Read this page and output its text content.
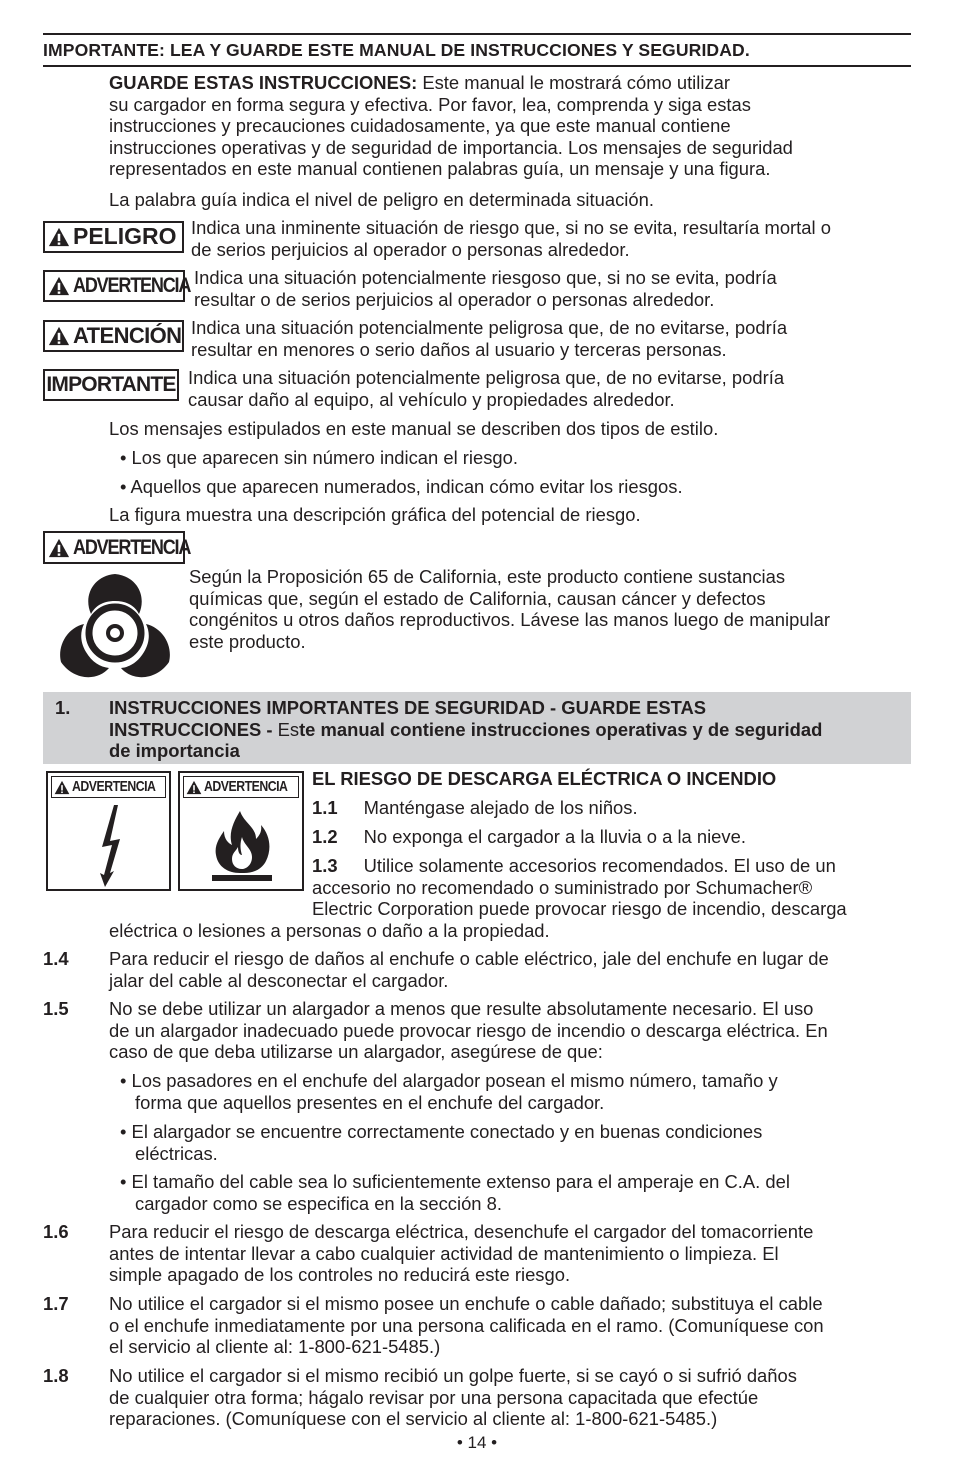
IMPORTANTE: LEA Y GUARDE ESTE MANUAL DE INSTRUCCIONES Y SEGURIDAD.
GUARDE ESTAS INSTRUCCIONES: Este manual le mostrará cómo utilizar
su cargador en forma segura y efectiva. Por favor, lea, comprenda y siga estas
instrucciones y precauciones cuidadosamente, ya que este manual contiene
instrucciones operativas y de seguridad de importancia. Los mensajes de seguridad
representados en este manual contienen palabras guía, un mensaje y una figura.
La palabra guía indica el nivel de peligro en determinada situación.
PELIGRO Indica una inminente situación de riesgo que, si no se evita, resultaría mortal o
de serios perjuicios al operador o personas alrededor.
ADVERTENCIA Indica una situación potencialmente riesgoso que, si no se evita, podría
resultar o de serios perjuicios al operador o personas alrededor.
ATENCIÓN Indica una situación potencialmente peligrosa que, de no evitarse, podría
resultar en menores o serio daños al usuario y terceras personas.
IMPORTANTE Indica una situación potencialmente peligrosa que, de no evitarse, podría
causar daño al equipo, al vehículo y propiedades alrededor.
Los mensajes estipulados en este manual se describen dos tipos de estilo.
• Los que aparecen sin número indican el riesgo.
• Aquellos que aparecen numerados, indican cómo evitar los riesgos.
La figura muestra una descripción gráfica del potencial de riesgo.
ADVERTENCIA
Según la Proposición 65 de California, este producto contiene sustancias
químicas que, según el estado de California, causan cáncer y defectos
congénitos u otros daños reproductivos. Lávese las manos luego de manipular
este producto.
1. INSTRUCCIONES IMPORTANTES DE SEGURIDAD - GUARDE ESTAS
INSTRUCCIONES - Este manual contiene instrucciones operativas y de seguridad
de importancia
ADVERTENCIA	ADVERTENCIA EL RIESGO DE DESCARGA ELÉCTRICA O INCENDIO
1.1 Manténgase alejado de los niños.
1.2 No exponga el cargador a la lluvia o a la nieve.
1.3 Utilice solamente accesorios recomendados. El uso de un
accesorio no recomendado o suministrado por Schumacher®
Electric Corporation puede provocar riesgo de incendio, descarga
eléctrica o lesiones a personas o daño a la propiedad.
1.4 Para reducir el riesgo de daños al enchufe o cable eléctrico, jale del enchufe en lugar de
jalar del cable al desconectar el cargador.
1.5 No se debe utilizar un alargador a menos que resulte absolutamente necesario. El uso
de un alargador inadecuado puede provocar riesgo de incendio o descarga eléctrica. En
caso de que deba utilizarse un alargador, asegúrese de que:
• Los pasadores en el enchufe del alargador posean el mismo número, tamaño y
forma que aquellos presentes en el enchufe del cargador.
• El alargador se encuentre correctamente conectado y en buenas condiciones
eléctricas.
• El tamaño del cable sea lo suficientemente extenso para el amperaje en C.A. del
cargador como se especifica en la sección 8.
1.6 Para reducir el riesgo de descarga eléctrica, desenchufe el cargador del tomacorriente
antes de intentar llevar a cabo cualquier actividad de mantenimiento o limpieza. El
simple apagado de los controles no reducirá este riesgo.
1.7 No utilice el cargador si el mismo posee un enchufe o cable dañado; substituya el cable
o el enchufe inmediatamente por una persona calificada en el ramo. (Comuníquese con
el servicio al cliente al: 1-800-621-5485.)
1.8 No utilice el cargador si el mismo recibió un golpe fuerte, si se cayó o si sufrió daños
de cualquier otra forma; hágalo revisar por una persona capacitada que efectúe
reparaciones. (Comuníquese con el servicio al cliente al: 1-800-621-5485.)
• 14 •
